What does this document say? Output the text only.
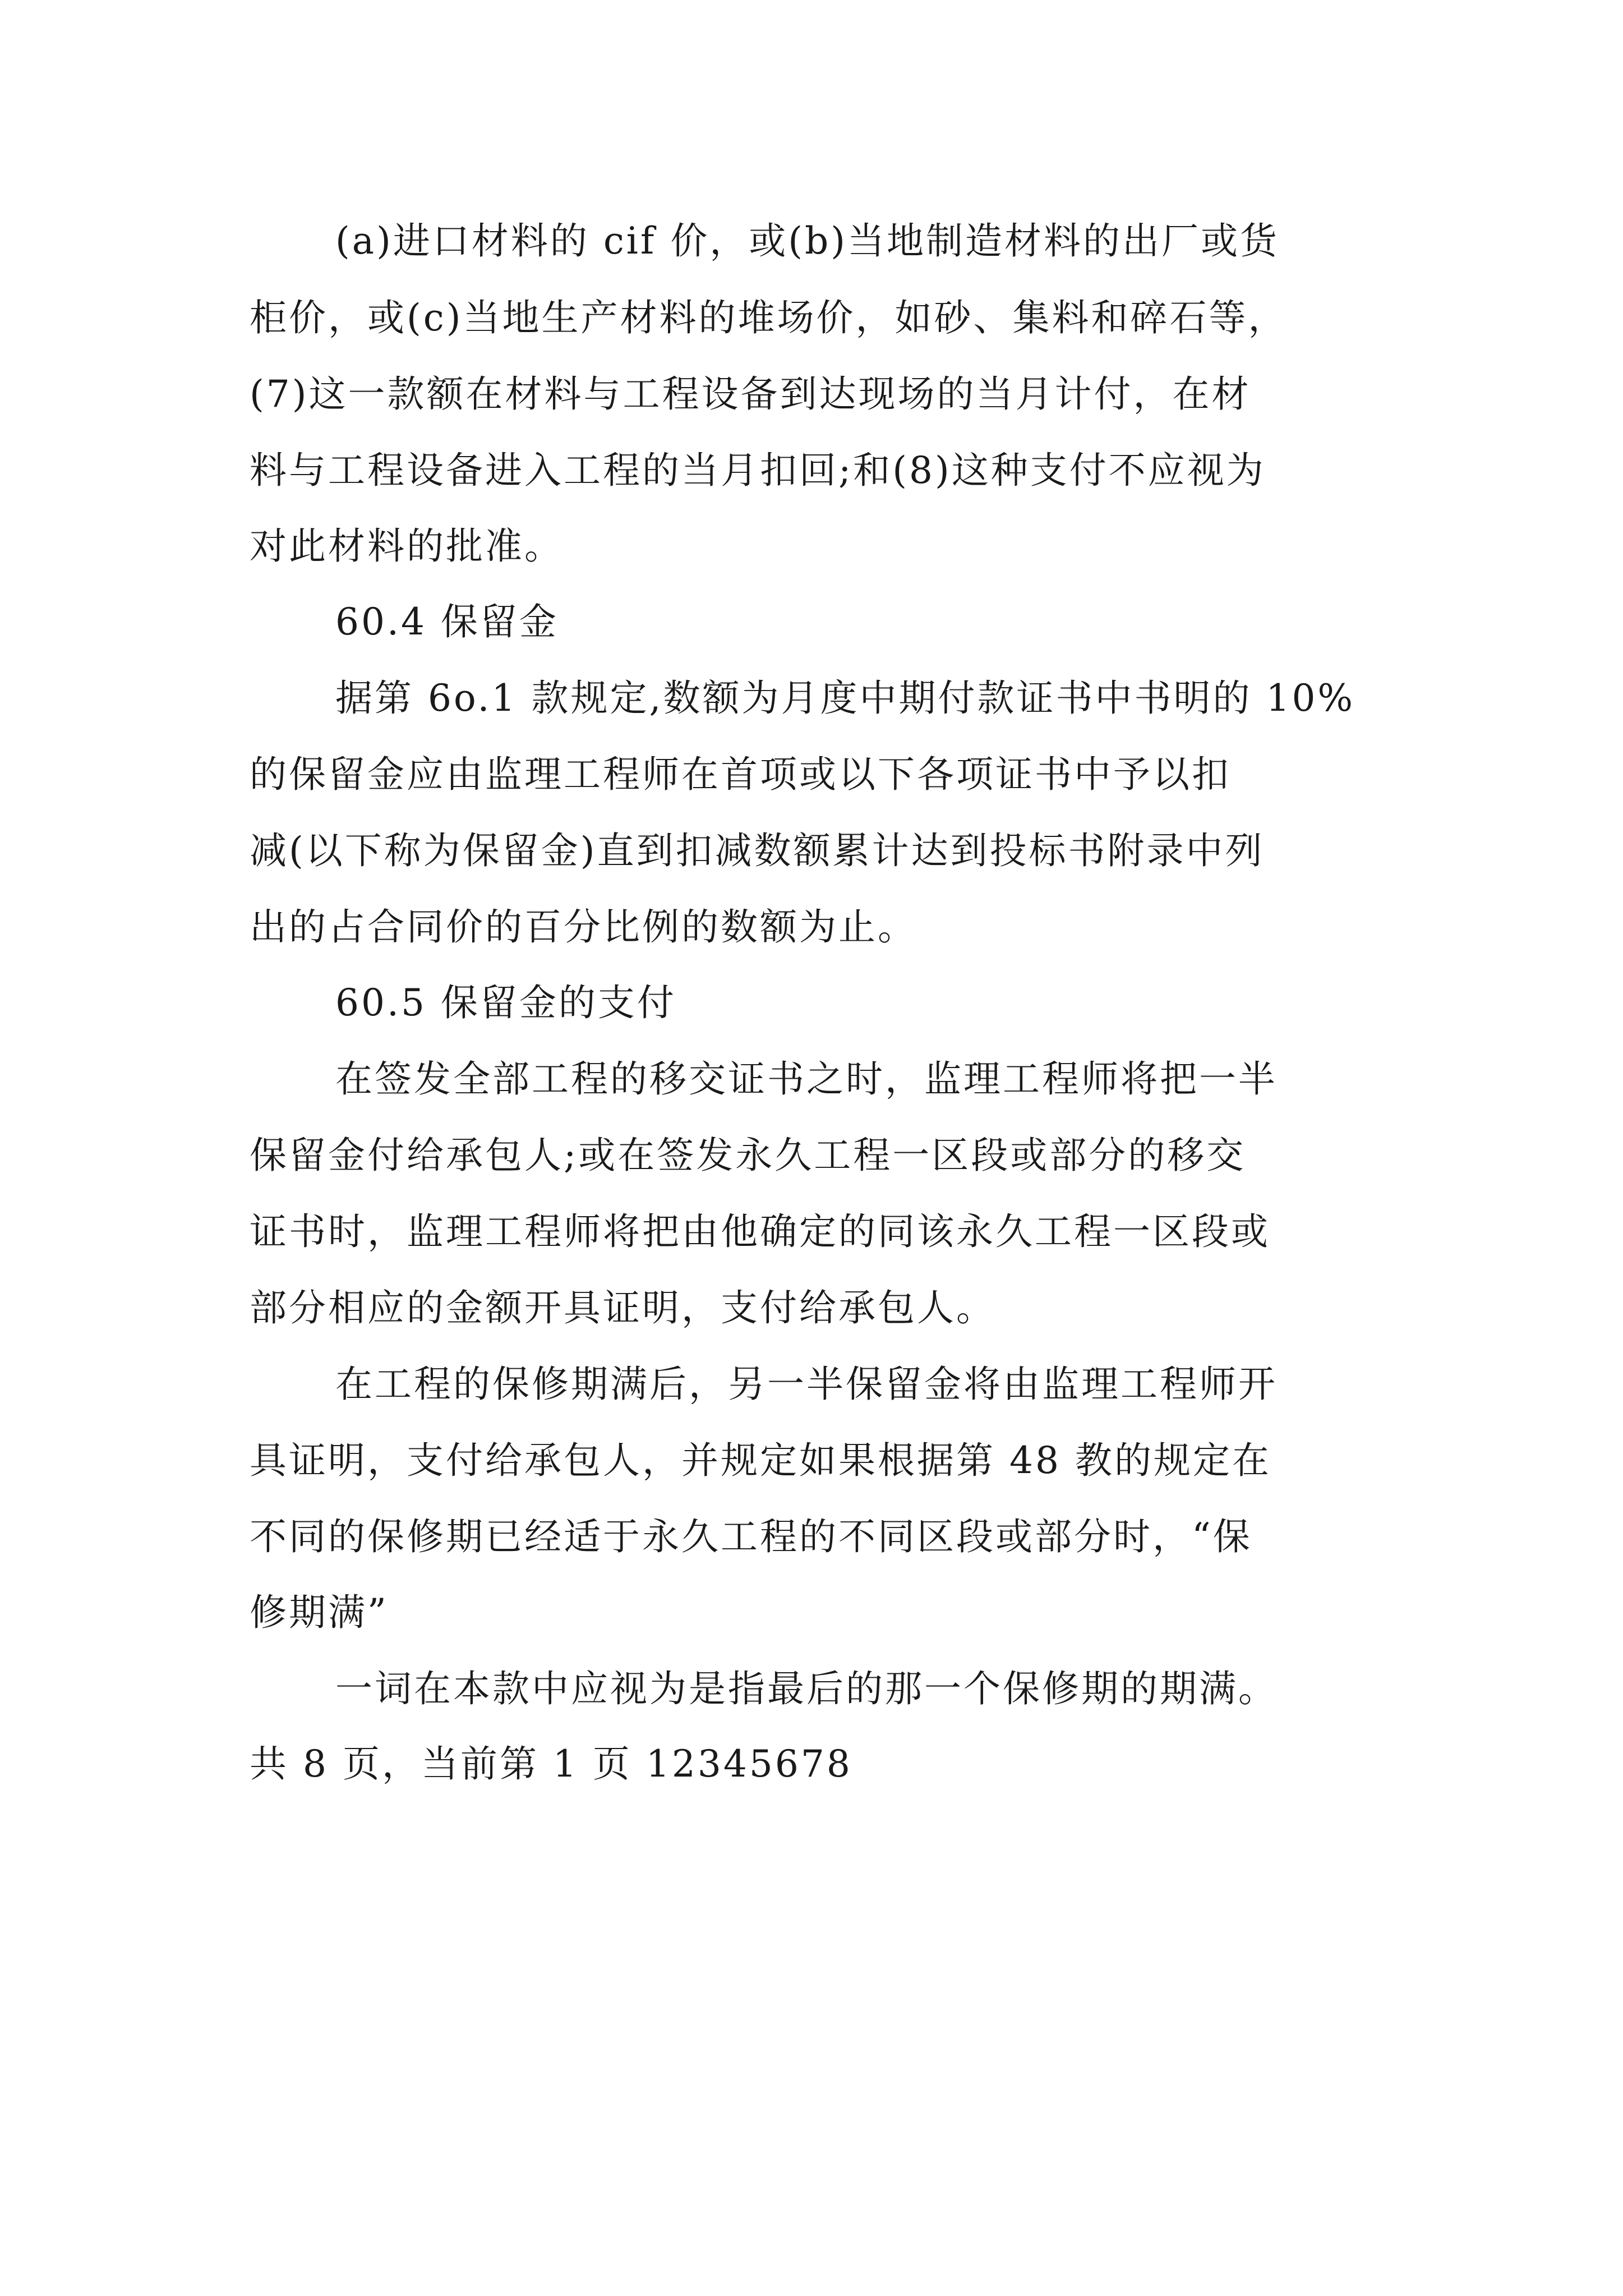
(a)进口材料的 cif 价，或(b)当地制造材料的出厂或货
柜价，或(c)当地生产材料的堆场价，如砂、集料和碎石等，
(7)这一款额在材料与工程设备到达现场的当月计付，在材
料与工程设备进入工程的当月扣回;和(8)这种支付不应视为
对此材料的批准。
60.4 保留金
据第 6o.1 款规定,数额为月度中期付款证书中书明的 10%
的保留金应由监理工程师在首项或以下各项证书中予以扣
减(以下称为保留金)直到扣减数额累计达到投标书附录中列
出的占合同价的百分比例的数额为止。
60.5 保留金的支付
在签发全部工程的移交证书之时，监理工程师将把一半
保留金付给承包人;或在签发永久工程一区段或部分的移交
证书时，监理工程师将把由他确定的同该永久工程一区段或
部分相应的金额开具证明，支付给承包人。
在工程的保修期满后，另一半保留金将由监理工程师开
具证明，支付给承包人，并规定如果根据第 48 教的规定在
不同的保修期已经适于永久工程的不同区段或部分时，“保
修期满”
一词在本款中应视为是指最后的那一个保修期的期满。
共 8 页，当前第 1 页 12345678
